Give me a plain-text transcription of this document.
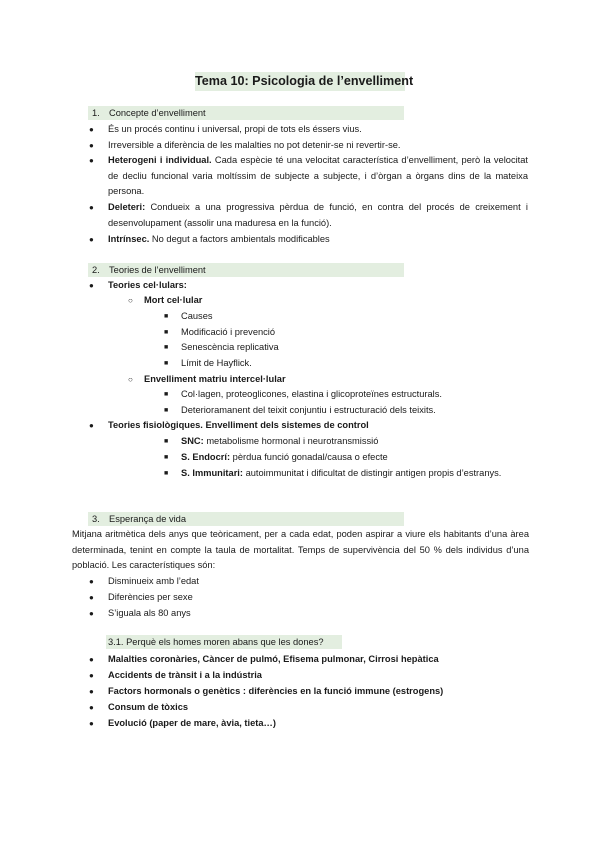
Tema 10: Psicologia de l’envelliment
1. Concepte d’envelliment
●	És un procés continu i universal, propi de tots els éssers vius.
●	Irreversible a diferència de les malalties no pot detenir-se ni revertir-se.
●	Heterogeni i individual. Cada espècie té una velocitat característica d’envelliment, però la velocitat de decliu funcional varia moltíssim de subjecte a subjecte, i d’òrgan a òrgans dins de la mateixa persona.
●	Deleteri: Condueix a una progressiva pèrdua de funció, en contra del procés de creixement i desenvolupament (assolir una maduresa en la funció).
●	Intrínsec. No degut a factors ambientals modificables
2. Teories de l’envelliment
●	Teories cel·lulars:
○	Mort cel·lular
■	Causes
■	Modificació i prevenció
■	Senescència replicativa
■	Límit de Hayflick.
○	Envelliment matriu intercel·lular
■	Col·lagen, proteoglicones, elastina i glicoproteïnes estructurals.
■	Deterioramanent del teixit conjuntiu i estructuració dels teixits.
●	Teories fisiològiques. Envelliment dels sistemes de control
■	SNC: metabolisme hormonal i neurotransmissió
■	S. Endocrí: pèrdua funció gonadal/causa o efecte
■	S. Immunitari: autoimmunitat i dificultat de distingir antigen propis d’estranys.
3. Esperança de vida
Mitjana aritmètica dels anys que teòricament, per a cada edat, poden aspirar a viure els habitants d’una àrea determinada, tenint en compte la taula de mortalitat. Temps de supervivència del 50 % dels individus d’una població. Les característiques són:
●	Disminueix amb l’edat
●	Diferències per sexe
●	S’iguala als 80 anys
3.1. Perquè els homes moren abans que les dones?
●	Malalties coronàries, Càncer de pulmó, Efisema pulmonar, Cirrosi hepàtica
●	Accidents de trànsit i a la indústria
●	Factors hormonals o genètics : diferències en la funció immune (estrogens)
●	Consum de tòxics
●	Evolució (paper de mare, àvia, tieta…)
